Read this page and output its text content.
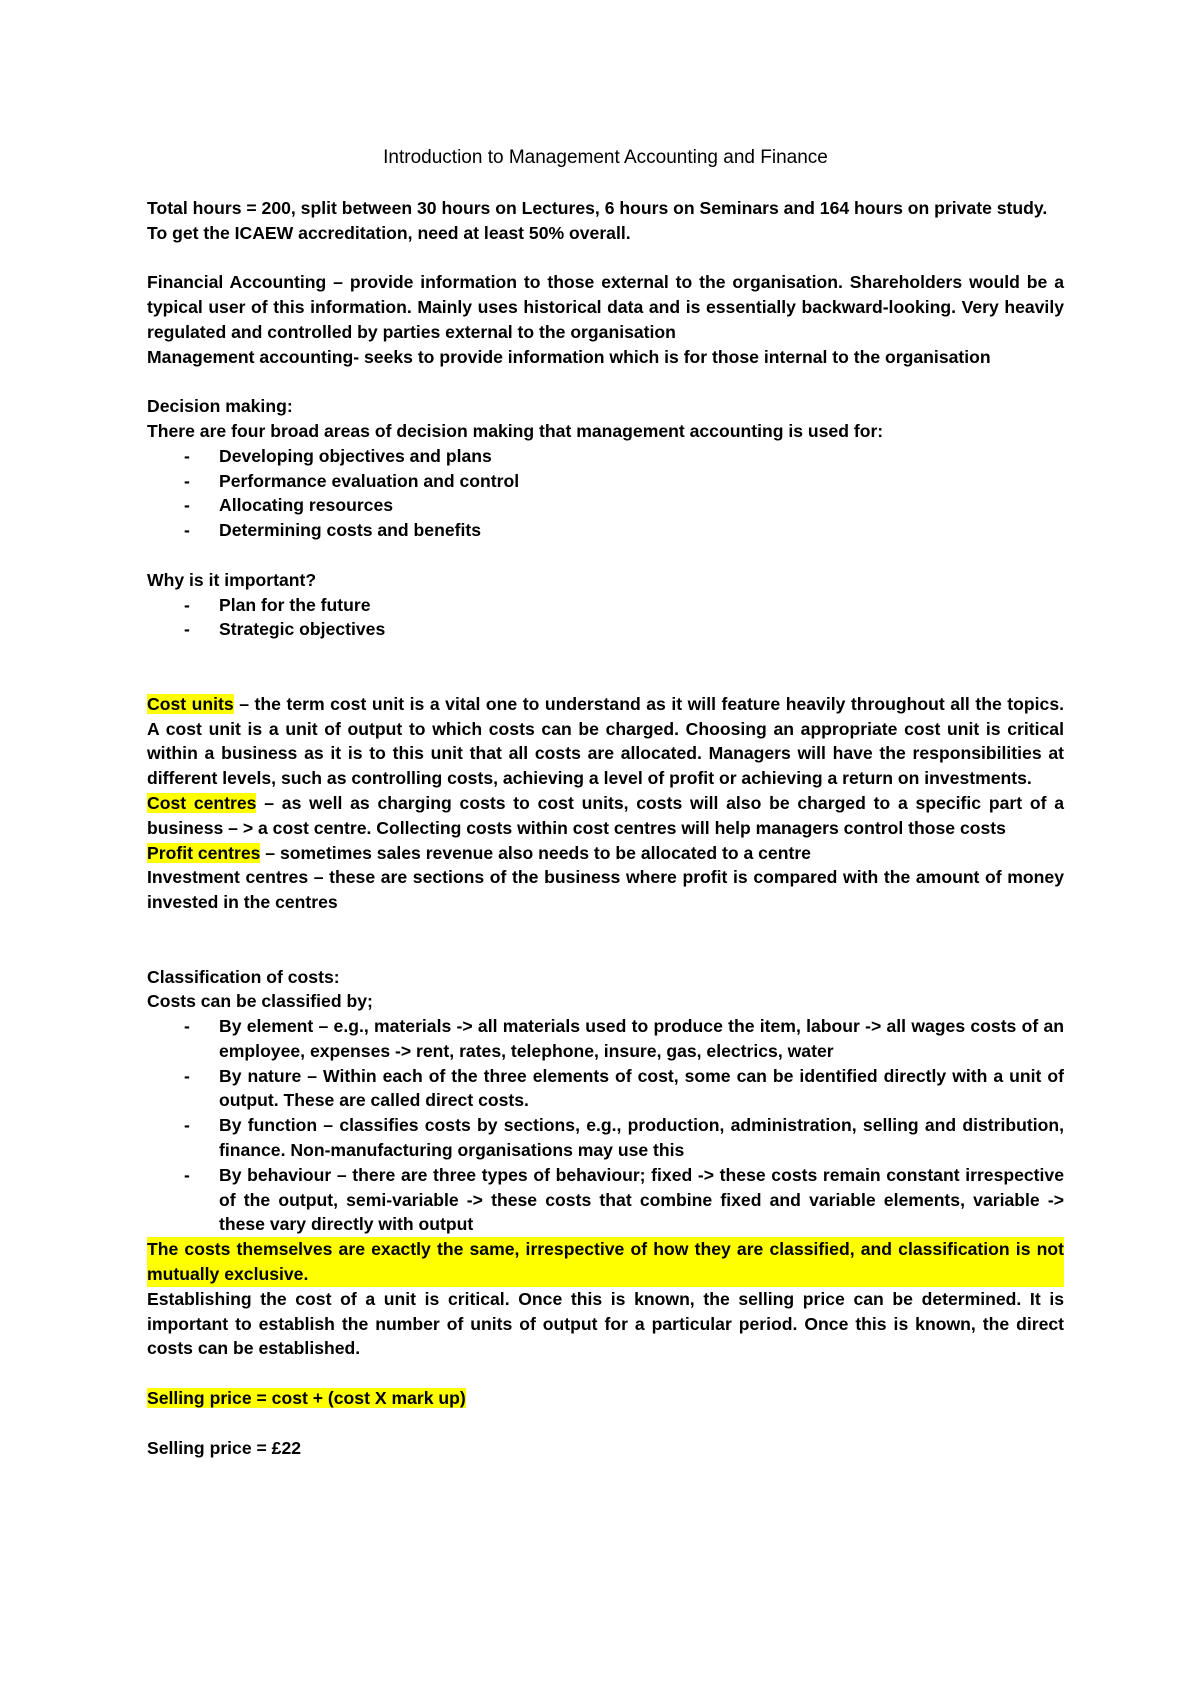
Introduction to Management Accounting and Finance

Total hours = 200, split between 30 hours on Lectures, 6 hours on Seminars and 164 hours on private study.

To get the ICAEW accreditation, need at least 50% overall.

Financial Accounting – provide information to those external to the organisation. Shareholders would be a typical user of this information. Mainly uses historical data and is essentially backward-looking. Very heavily regulated and controlled by parties external to the organisation

Management accounting- seeks to provide information which is for those internal to the organisation

Decision making:

There are four broad areas of decision making that management accounting is used for:

- Developing objectives and plans
- Performance evaluation and control
- Allocating resources
- Determining costs and benefits

Why is it important?

- Plan for the future
- Strategic objectives

Cost units – the term cost unit is a vital one to understand as it will feature heavily throughout all the topics. A cost unit is a unit of output to which costs can be charged. Choosing an appropriate cost unit is critical within a business as it is to this unit that all costs are allocated. Managers will have the responsibilities at different levels, such as controlling costs, achieving a level of profit or achieving a return on investments.

Cost centres – as well as charging costs to cost units, costs will also be charged to a specific part of a business – > a cost centre. Collecting costs within cost centres will help managers control those costs

Profit centres – sometimes sales revenue also needs to be allocated to a centre

Investment centres – these are sections of the business where profit is compared with the amount of money invested in the centres

Classification of costs:

Costs can be classified by;

- By element – e.g., materials -> all materials used to produce the item, labour -> all wages costs of an employee, expenses -> rent, rates, telephone, insure, gas, electrics, water
- By nature – Within each of the three elements of cost, some can be identified directly with a unit of output. These are called direct costs.
- By function – classifies costs by sections, e.g., production, administration, selling and distribution, finance. Non-manufacturing organisations may use this
- By behaviour – there are three types of behaviour; fixed -> these costs remain constant irrespective of the output, semi-variable -> these costs that combine fixed and variable elements, variable -> these vary directly with output

The costs themselves are exactly the same, irrespective of how they are classified, and classification is not mutually exclusive.

Establishing the cost of a unit is critical. Once this is known, the selling price can be determined. It is important to establish the number of units of output for a particular period. Once this is known, the direct costs can be established.

Selling price = cost + (cost X mark up)

Selling price = £22
